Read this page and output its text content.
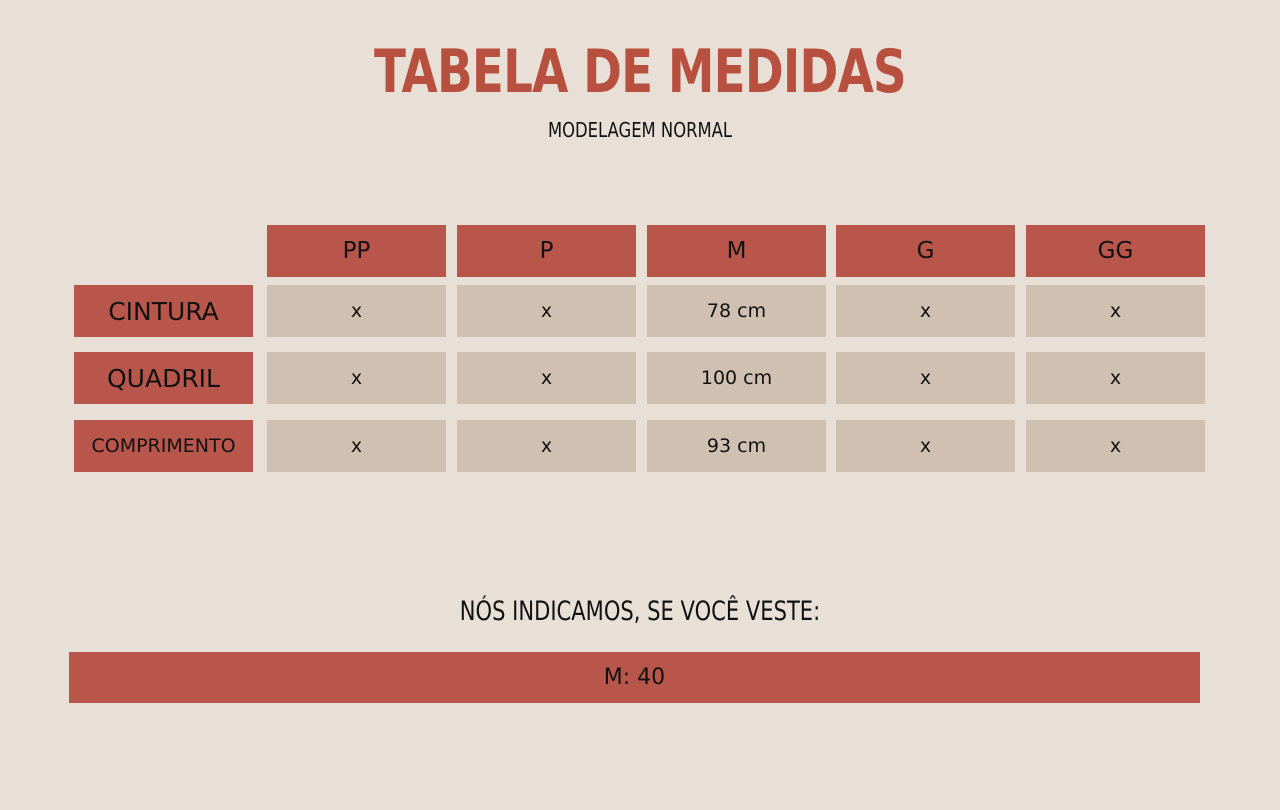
TABELA DE MEDIDAS
MODELAGEM NORMAL
PP	P	M	G	GG
CINTURA	x	x	78 cm	x	x
QUADRIL	x	x	100 cm	x	x
COMPRIMENTO	x	x	93 cm	x	x
NÓS INDICAMOS, SE VOCÊ VESTE:
M: 40
